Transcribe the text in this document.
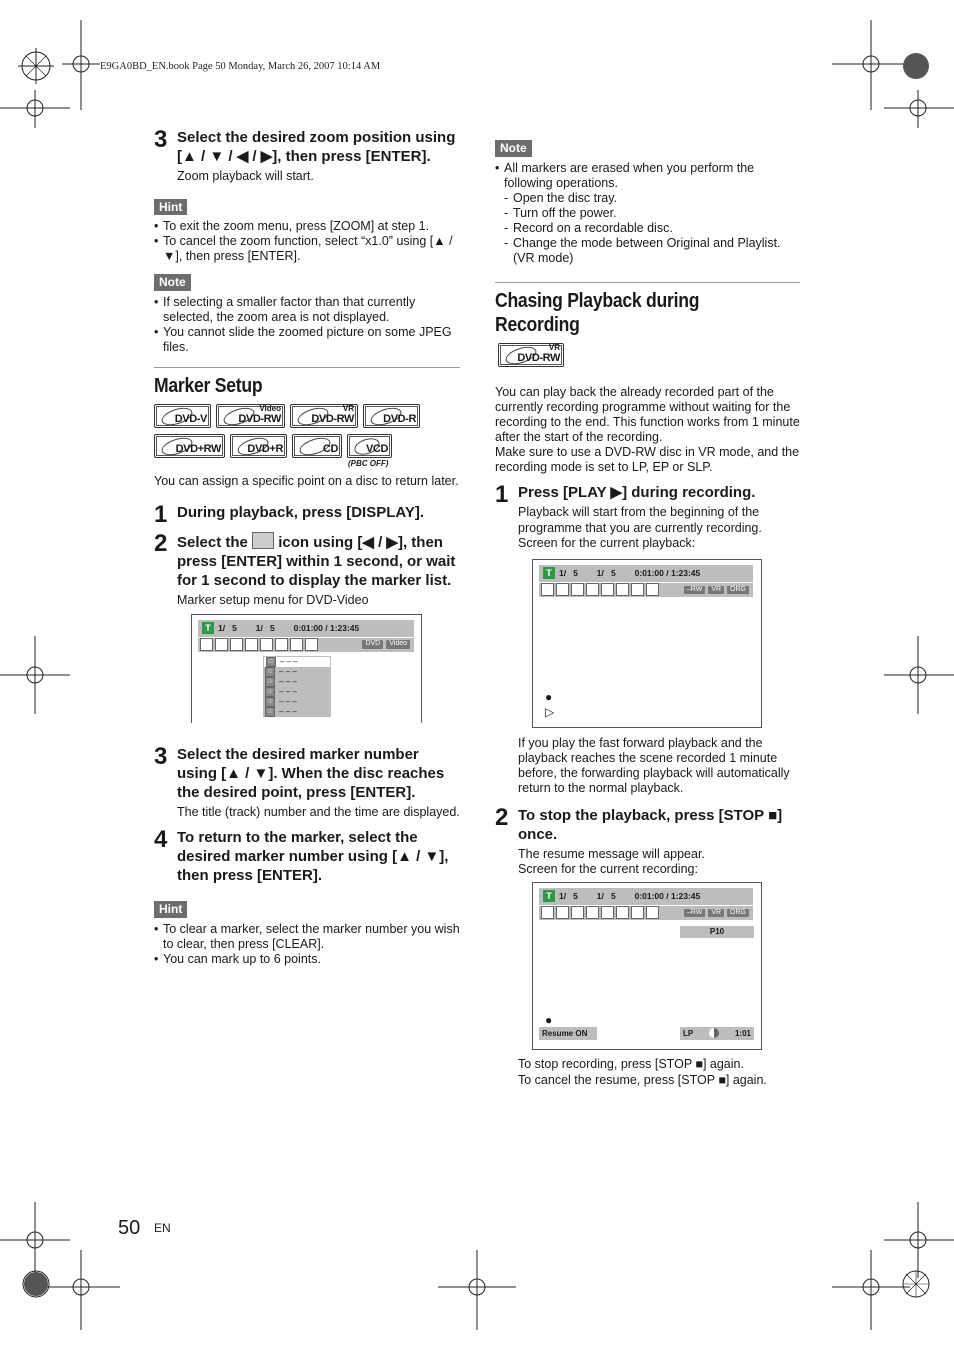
E9GA0BD_EN.book Page 50 Monday, March 26, 2007 10:14 AM
3 Select the desired zoom position using [▲ / ▼ / ◀ / ▶], then press [ENTER].
Zoom playback will start.
Hint
• To exit the zoom menu, press [ZOOM] at step 1.
• To cancel the zoom function, select “x1.0” using [▲ / ▼], then press [ENTER].
Note
• If selecting a smaller factor than that currently selected, the zoom area is not displayed.
• You cannot slide the zoomed picture on some JPEG files.
Marker Setup
DVD-V
Video
DVD-RW
VR
DVD-RW	DVD-R
DVD+RW DVD+R	CD	VCD
(PBC OFF)
You can assign a specific point on a disc to return later.
1 During playback, press [DISPLAY].
2 Select the icon using [◀ / ▶], then press [ENTER] within 1 second, or wait for 1 second to display the marker list.
Marker setup menu for DVD-Video
T 1/   5        1/   5        0:01:00 / 1:23:45
DVD	Video
☆ – – –
☆ – – –
☆ – – –
☆ – – –
☆ – – –
☆ – – –
3 Select the desired marker number using [▲ / ▼]. When the disc reaches the desired point, press [ENTER].
The title (track) number and the time are displayed.
4 To return to the marker, select the desired marker number using [▲ / ▼], then press [ENTER].
Hint
• To clear a marker, select the marker number you wish to clear, then press [CLEAR].
• You can mark up to 6 points.
Note
• All markers are erased when you perform the following operations.
- Open the disc tray.
- Turn off the power.
- Record on a recordable disc.
- Change the mode between Original and Playlist. (VR mode)
Chasing Playback during Recording
VR
DVD-RW
You can play back the already recorded part of the currently recording programme without waiting for the recording to the end. This function works from 1 minute after the start of the recording.
Make sure to use a DVD-RW disc in VR mode, and the recording mode is set to LP, EP or SLP.
1 Press [PLAY ▶] during recording.
Playback will start from the beginning of the programme that you are currently recording. Screen for the current playback:
T 1/   5        1/   5        0:01:00 / 1:23:45
–RW	VR	ORG
●
▷
If you play the fast forward playback and the playback reaches the scene recorded 1 minute before, the forwarding playback will automatically return to the normal playback.
2 To stop the playback, press [STOP ■] once.
The resume message will appear.
Screen for the current recording:
T 1/   5        1/   5        0:01:00 / 1:23:45
–RW	VR	ORG
P10
●
Resume ON	LP	1:01
To stop recording, press [STOP ■] again.
To cancel the resume, press [STOP ■] again.
50 EN
